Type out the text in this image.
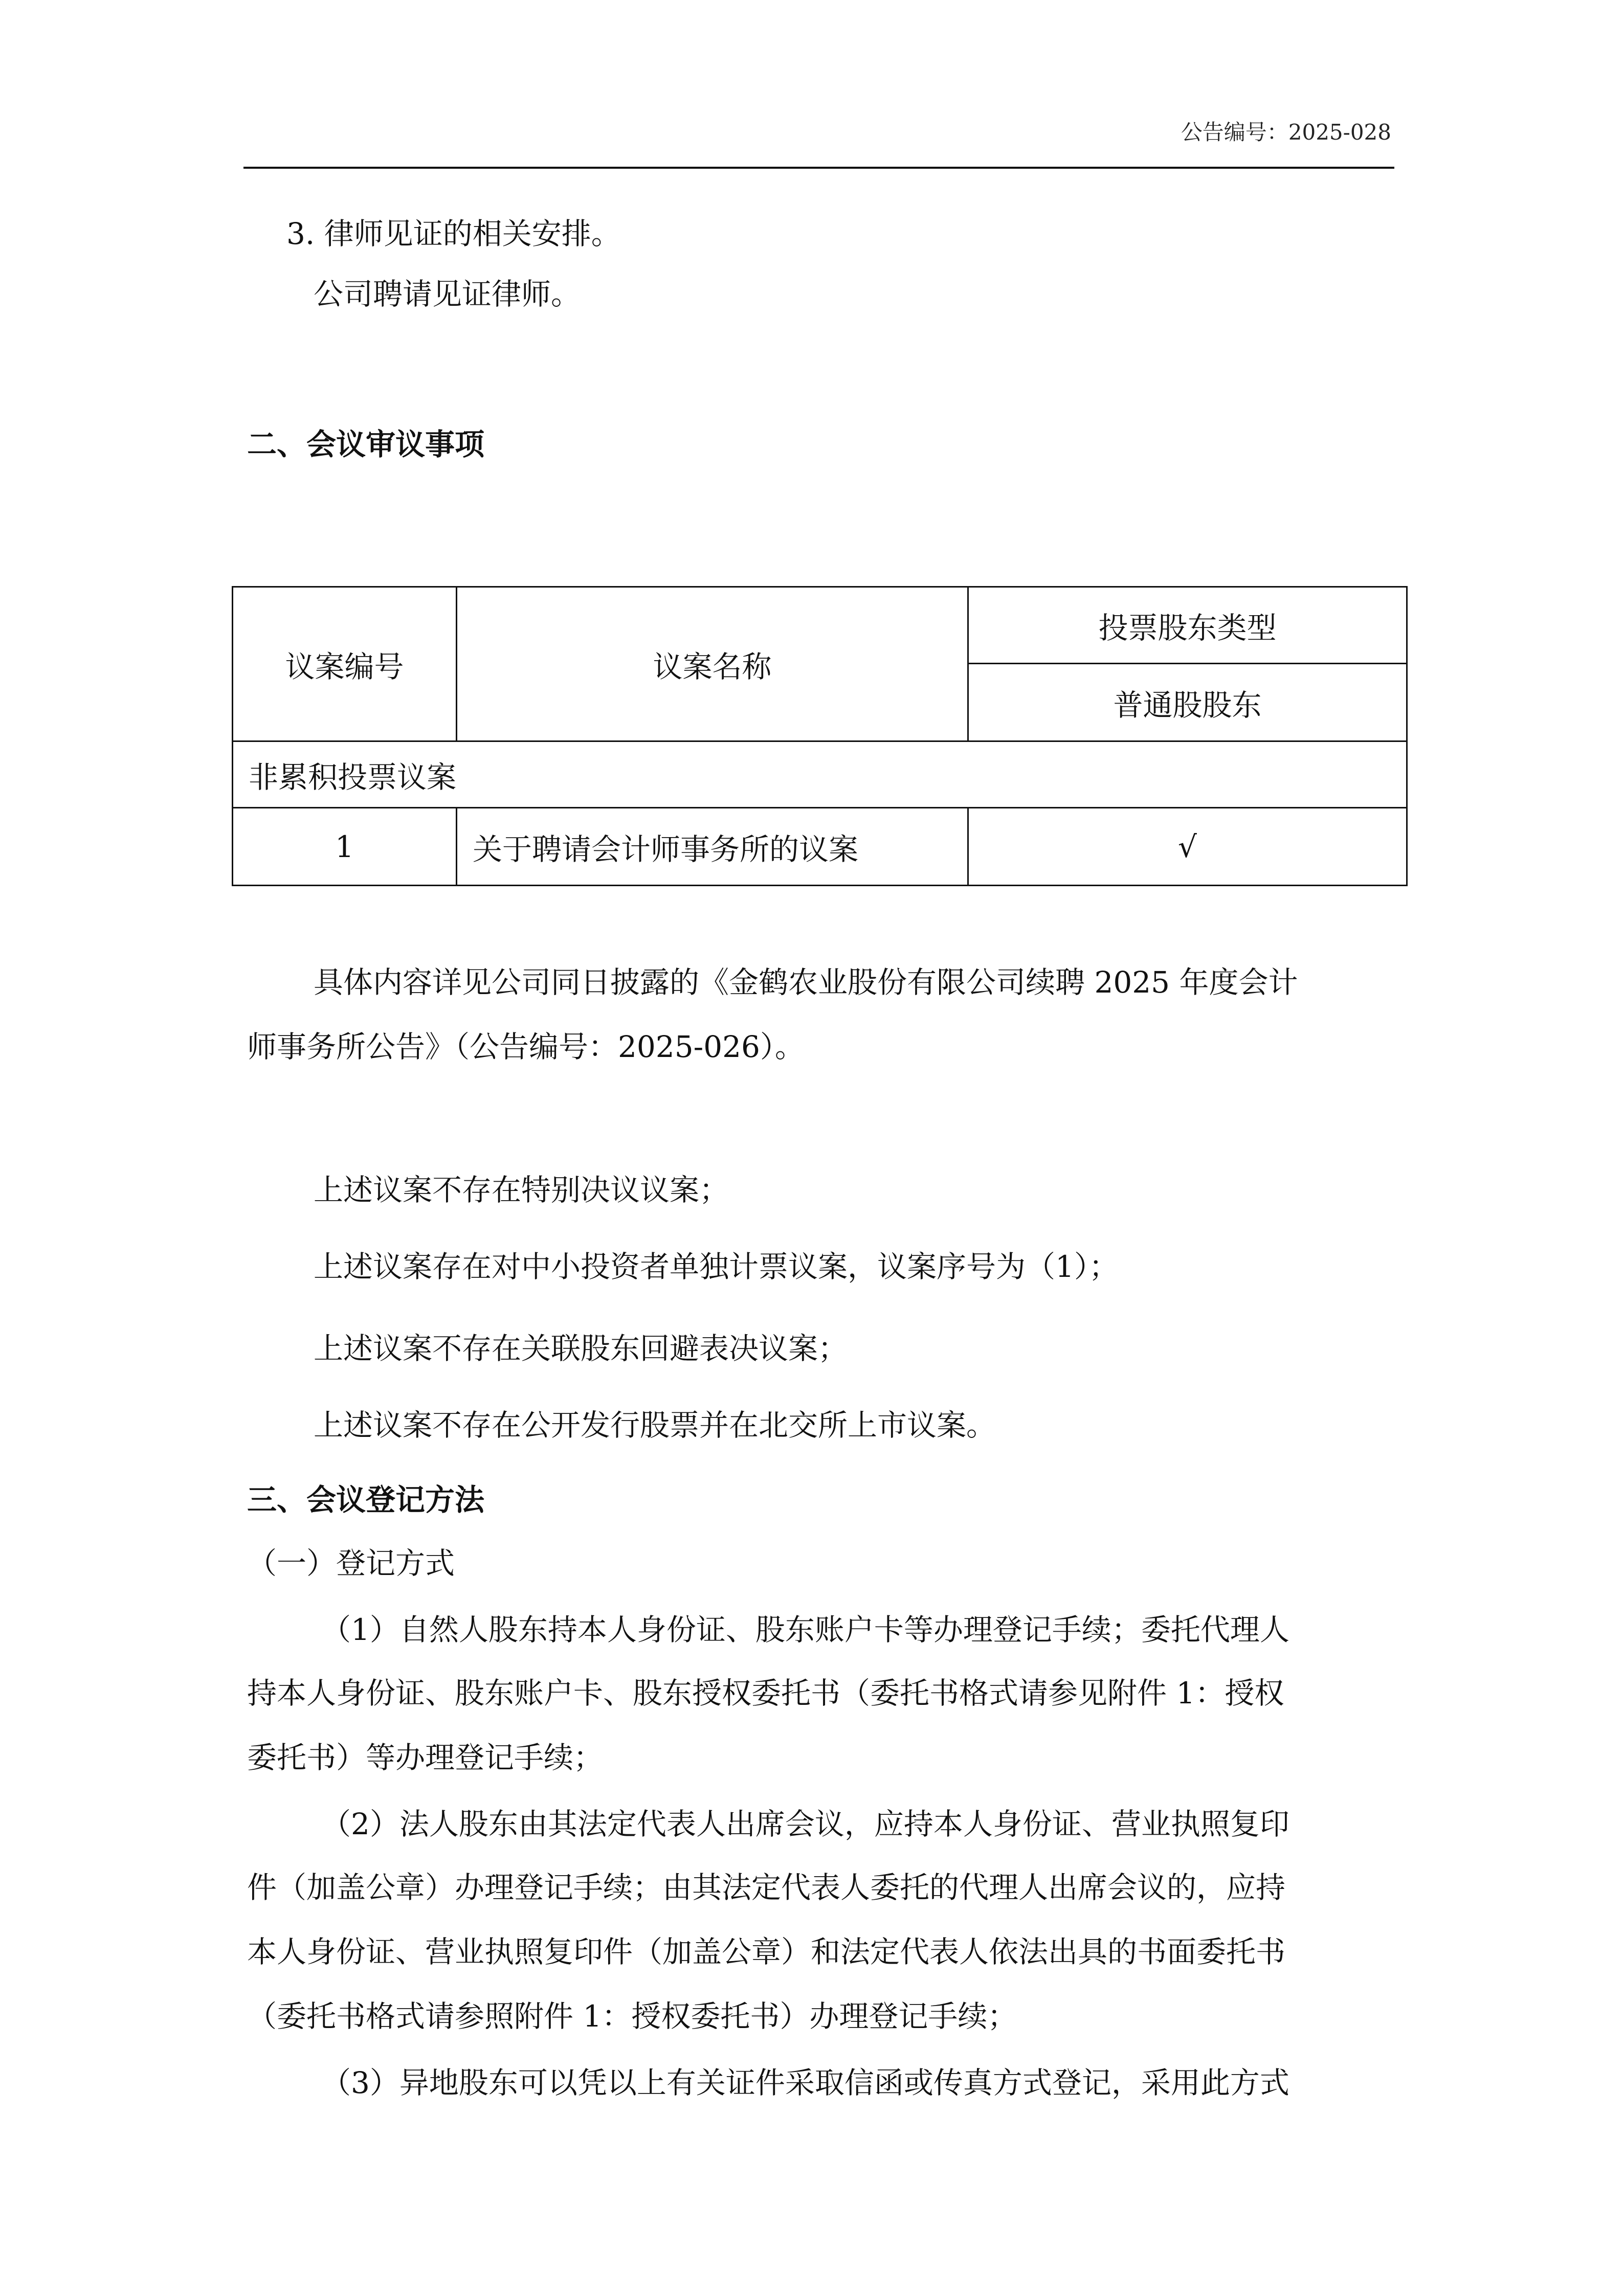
公告编号：2025-028
3. 律师见证的相关安排。
公司聘请见证律师。
二、会议审议事项
议案编号	议案名称	投票股东类型
		普通股股东
非累积投票议案		
1	关于聘请会计师事务所的议案	√
具体内容详见公司同日披露的《金鹤农业股份有限公司续聘 2025 年度会计
师事务所公告》（公告编号：2025-026）。
上述议案不存在特别决议议案；
上述议案存在对中小投资者单独计票议案，议案序号为（1）；
上述议案不存在关联股东回避表决议案；
上述议案不存在公开发行股票并在北交所上市议案。
三、会议登记方法
（一）登记方式
（1）自然人股东持本人身份证、股东账户卡等办理登记手续；委托代理人
持本人身份证、股东账户卡、股东授权委托书（委托书格式请参见附件 1：授权
委托书）等办理登记手续；
（2）法人股东由其法定代表人出席会议，应持本人身份证、营业执照复印
件（加盖公章）办理登记手续；由其法定代表人委托的代理人出席会议的，应持
本人身份证、营业执照复印件（加盖公章）和法定代表人依法出具的书面委托书
（委托书格式请参照附件 1：授权委托书）办理登记手续；
（3）异地股东可以凭以上有关证件采取信函或传真方式登记，采用此方式
